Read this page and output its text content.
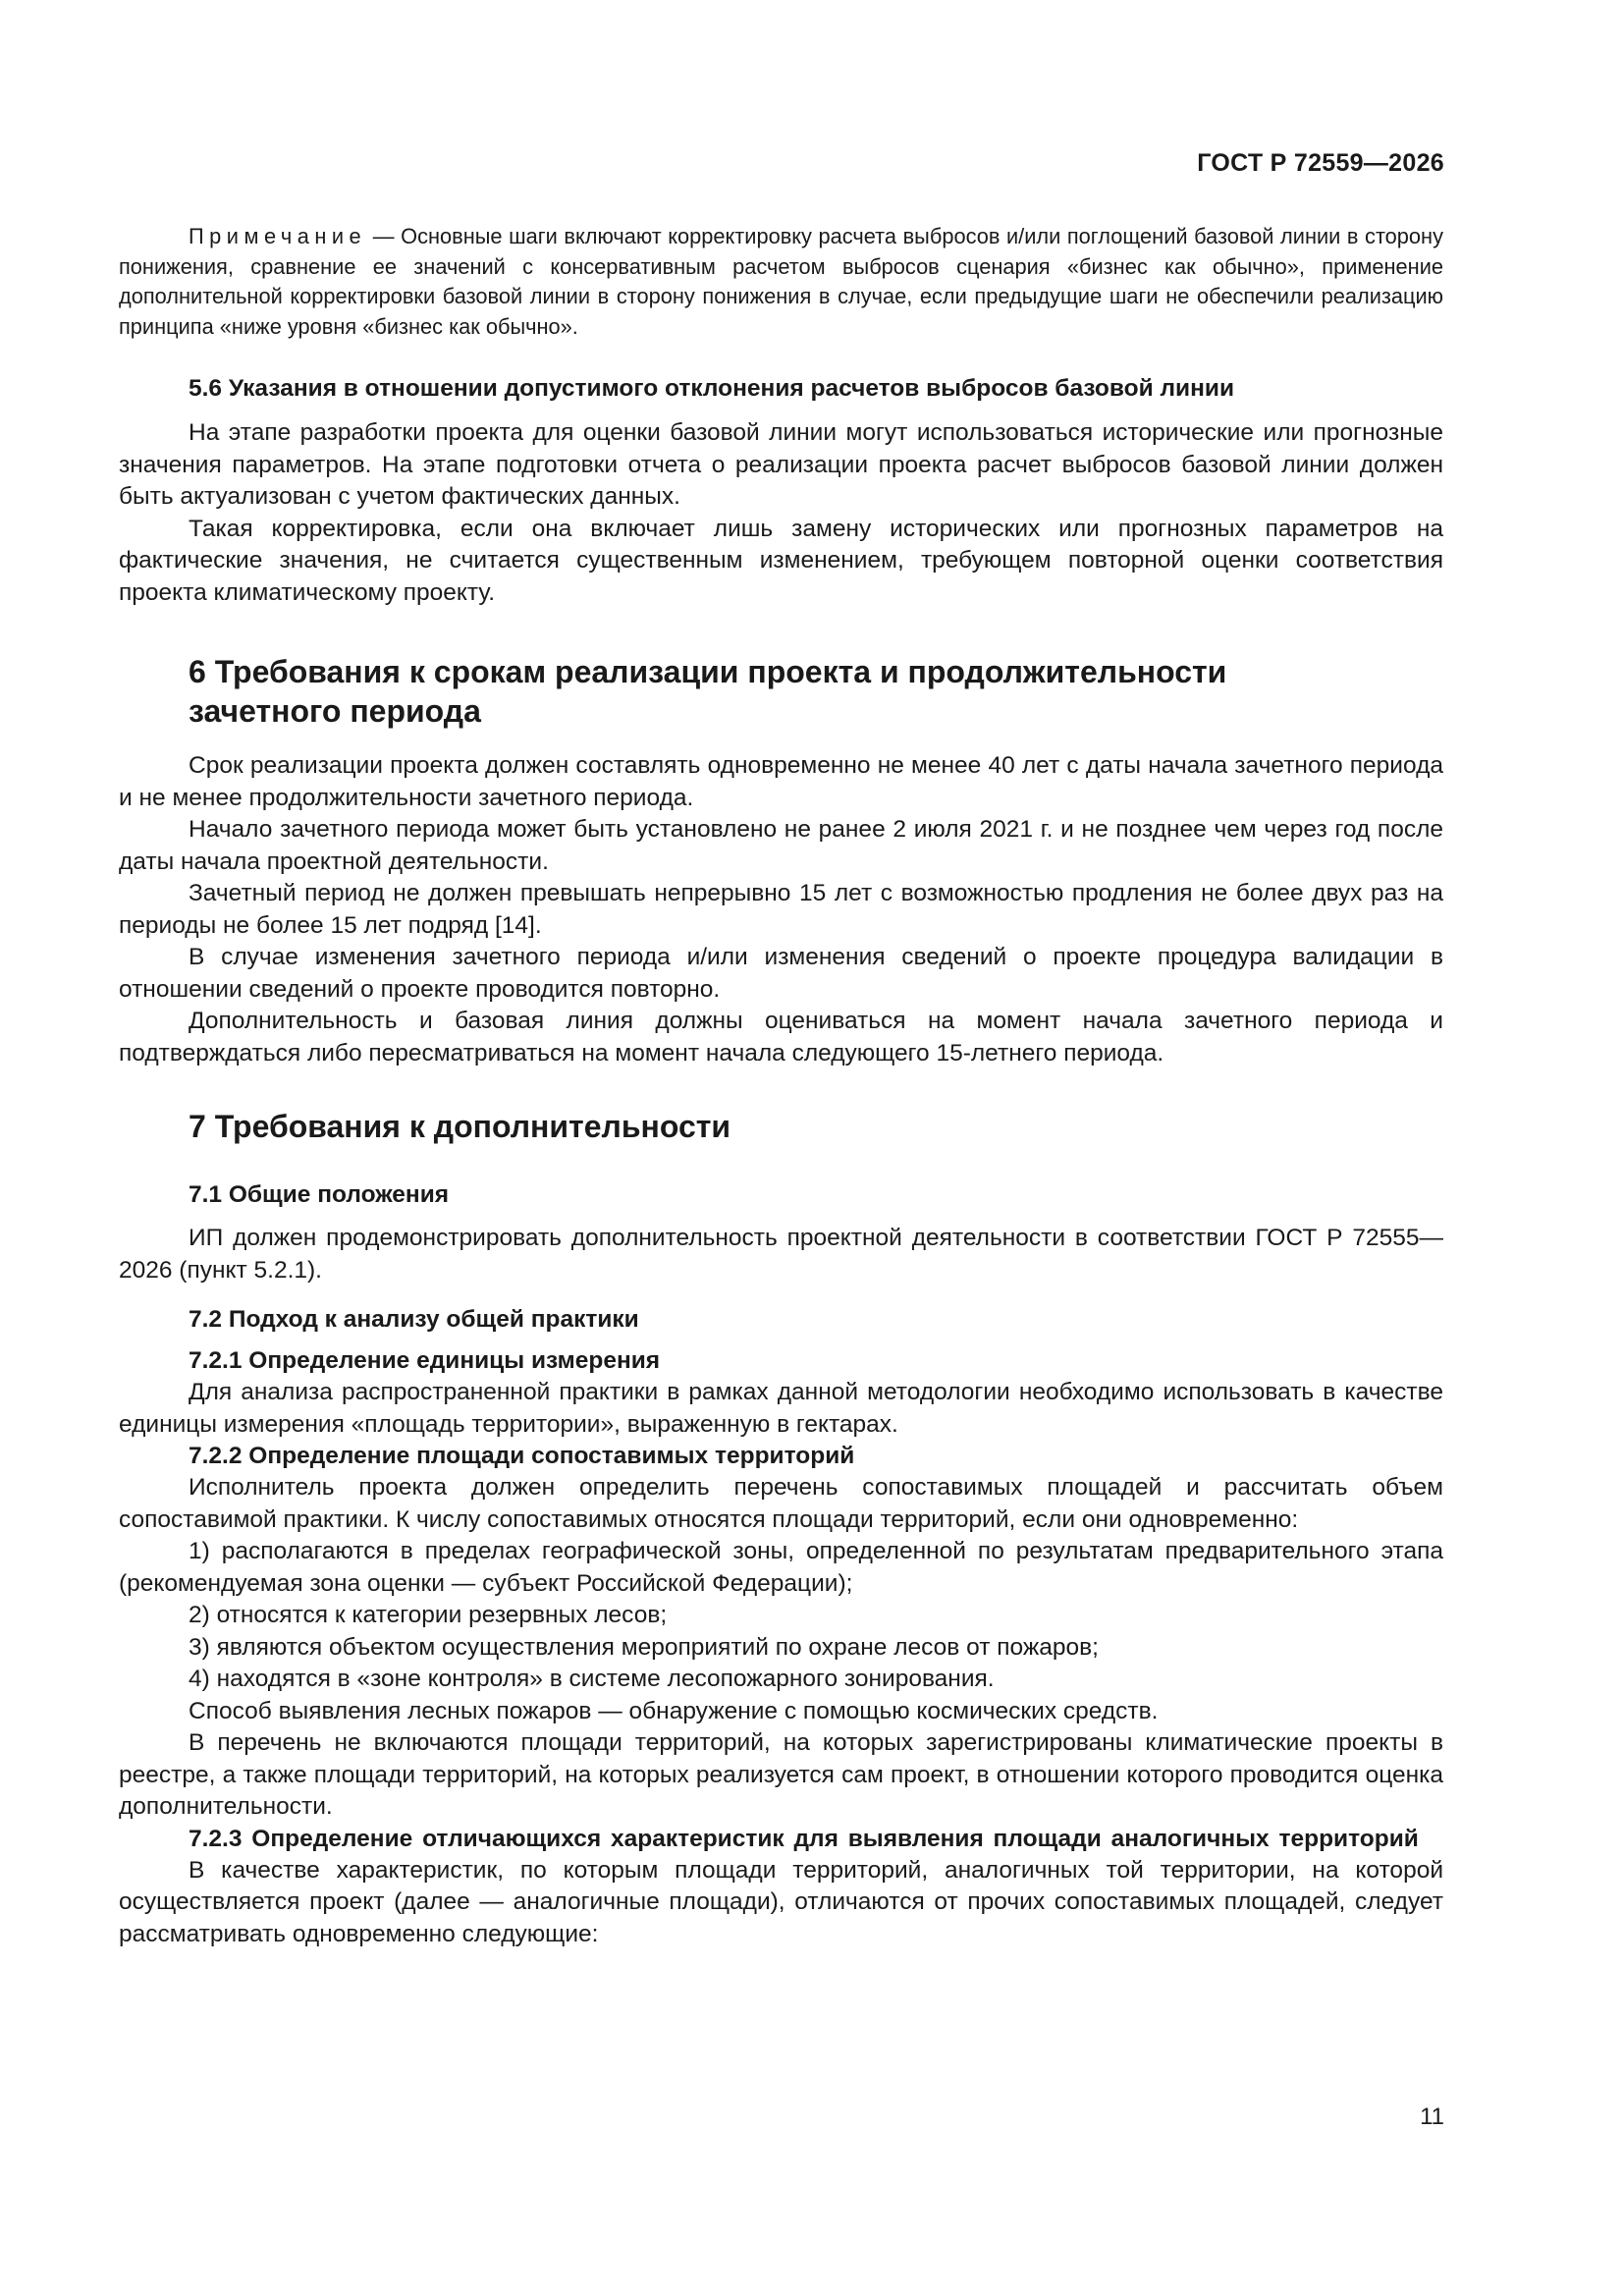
ГОСТ Р 72559—2026

Примечание — Основные шаги включают корректировку расчета выбросов и/или поглощений базовой линии в сторону понижения, сравнение ее значений с консервативным расчетом выбросов сценария «бизнес как обычно», применение дополнительной корректировки базовой линии в сторону понижения в случае, если предыдущие шаги не обеспечили реализацию принципа «ниже уровня «бизнес как обычно».

5.6 Указания в отношении допустимого отклонения расчетов выбросов базовой линии

На этапе разработки проекта для оценки базовой линии могут использоваться исторические или прогнозные значения параметров. На этапе подготовки отчета о реализации проекта расчет выбросов базовой линии должен быть актуализован с учетом фактических данных.

Такая корректировка, если она включает лишь замену исторических или прогнозных параметров на фактические значения, не считается существенным изменением, требующем повторной оценки соответствия проекта климатическому проекту.

6 Требования к срокам реализации проекта и продолжительности

зачетного периода

Срок реализации проекта должен составлять одновременно не менее 40 лет с даты начала зачетного периода и не менее продолжительности зачетного периода.

Начало зачетного периода может быть установлено не ранее 2 июля 2021 г. и не позднее чем через год после даты начала проектной деятельности.

Зачетный период не должен превышать непрерывно 15 лет с возможностью продления не более двух раз на периоды не более 15 лет подряд [14].

В случае изменения зачетного периода и/или изменения сведений о проекте процедура валидации в отношении сведений о проекте проводится повторно.

Дополнительность и базовая линия должны оцениваться на момент начала зачетного периода и подтверждаться либо пересматриваться на момент начала следующего 15-летнего периода.

7 Требования к дополнительности

7.1 Общие положения

ИП должен продемонстрировать дополнительность проектной деятельности в соответствии ГОСТ Р 72555—2026 (пункт 5.2.1).

7.2 Подход к анализу общей практики

7.2.1 Определение единицы измерения

Для анализа распространенной практики в рамках данной методологии необходимо использовать в качестве единицы измерения «площадь территории», выраженную в гектарах.

7.2.2 Определение площади сопоставимых территорий

Исполнитель проекта должен определить перечень сопоставимых площадей и рассчитать объем сопоставимой практики. К числу сопоставимых относятся площади территорий, если они одновременно:

1) располагаются в пределах географической зоны, определенной по результатам предварительного этапа (рекомендуемая зона оценки — субъект Российской Федерации);

2) относятся к категории резервных лесов;

3) являются объектом осуществления мероприятий по охране лесов от пожаров;

4) находятся в «зоне контроля» в системе лесопожарного зонирования.

Способ выявления лесных пожаров — обнаружение с помощью космических средств.

В перечень не включаются площади территорий, на которых зарегистрированы климатические проекты в реестре, а также площади территорий, на которых реализуется сам проект, в отношении которого проводится оценка дополнительности.

7.2.3 Определение отличающихся характеристик для выявления площади аналогичных территорий

В качестве характеристик, по которым площади территорий, аналогичных той территории, на которой осуществляется проект (далее — аналогичные площади), отличаются от прочих сопоставимых площадей, следует рассматривать одновременно следующие:

11
